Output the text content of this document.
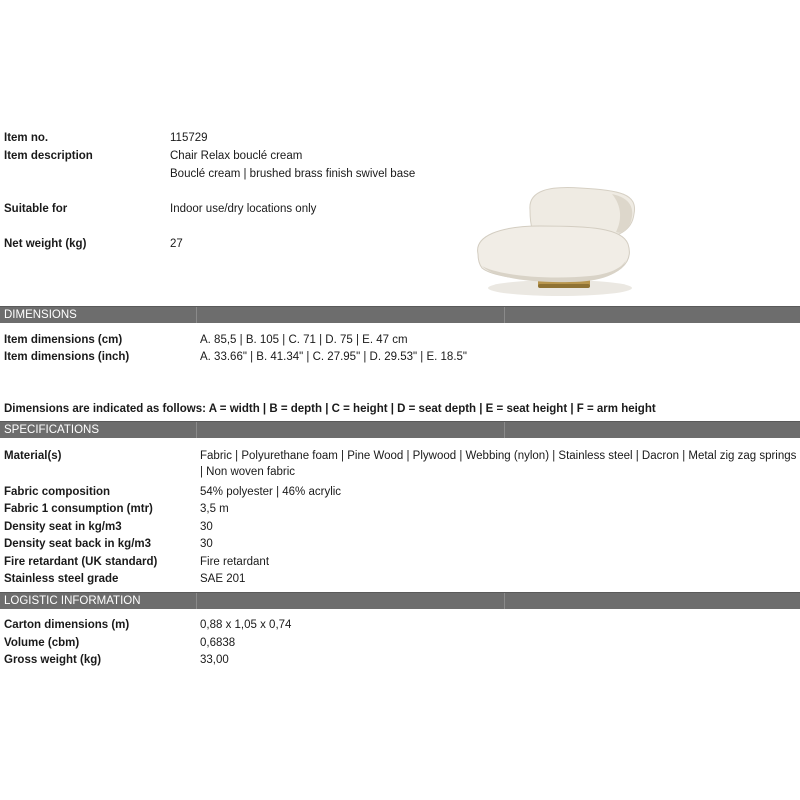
Item no.	115729
Item description	Chair Relax bouclé cream
Bouclé cream | brushed brass finish swivel base
Suitable for	Indoor use/dry locations only
Net weight (kg)	27
DIMENSIONS
Item dimensions (cm)	A. 85,5 | B. 105 | C. 71 | D. 75 | E. 47 cm
Item dimensions (inch)	A. 33.66" | B. 41.34" | C. 27.95" | D. 29.53" | E. 18.5"
Dimensions are indicated as follows: A = width | B = depth | C = height | D = seat depth | E = seat height | F = arm height
SPECIFICATIONS
Material(s)	Fabric | Polyurethane foam | Pine Wood | Plywood | Webbing (nylon) | Stainless steel | Dacron | Metal zig zag springs | Non woven fabric
Fabric composition	54% polyester | 46% acrylic
Fabric 1 consumption (mtr)	3,5 m
Density seat in kg/m3	30
Density seat back in kg/m3	30
Fire retardant (UK standard)	Fire retardant
Stainless steel grade	SAE 201
LOGISTIC INFORMATION
Carton dimensions (m)	0,88 x 1,05 x 0,74
Volume (cbm)	0,6838
Gross weight (kg)	33,00
